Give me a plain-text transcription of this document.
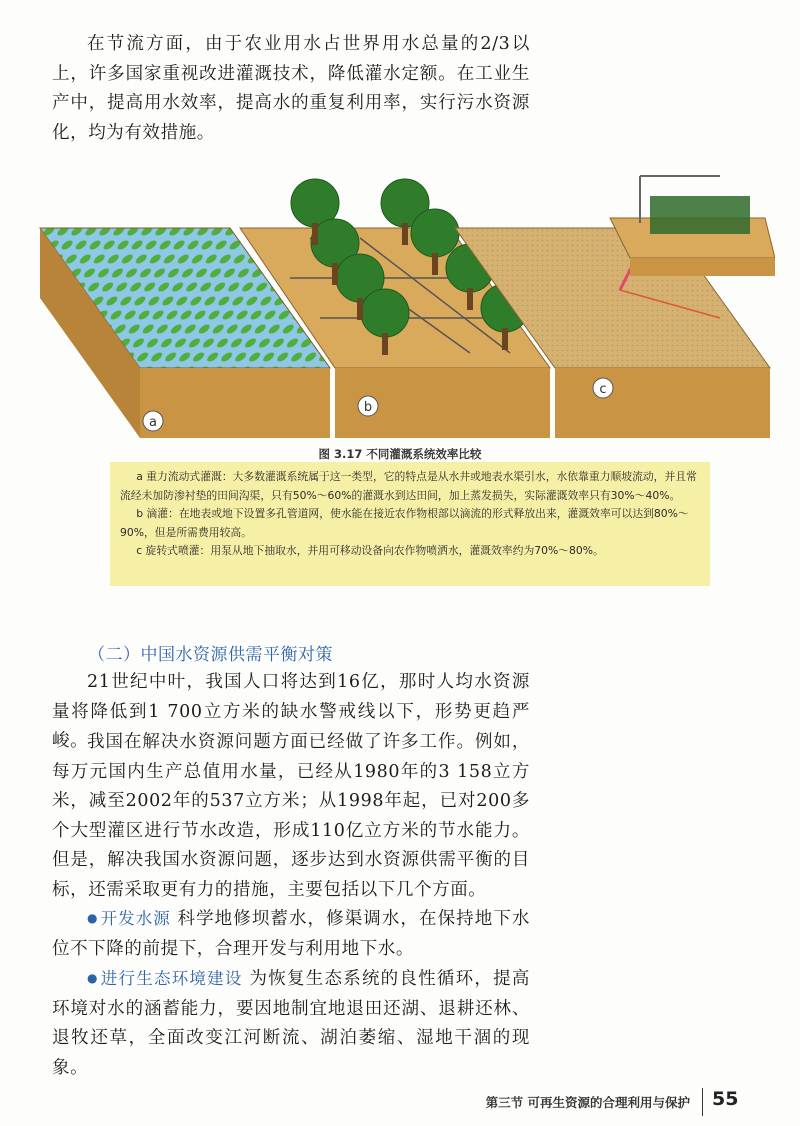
在节流方面，由于农业用水占世界用水总量的2/3以上，许多国家重视改进灌溉技术，降低灌水定额。在工业生产中，提高用水效率，提高水的重复利用率，实行污水资源化，均为有效措施。

a
b
c
图 3.17 不同灌溉系统效率比较

a 重力流动式灌溉：大多数灌溉系统属于这一类型，它的特点是从水井或地表水渠引水，水依靠重力顺坡流动，并且常流经未加防渗衬垫的田间沟渠，只有50%～60%的灌溉水到达田间，加上蒸发损失，实际灌溉效率只有30%～40%。

b 滴灌：在地表或地下设置多孔管道网，使水能在接近农作物根部以滴流的形式释放出来，灌溉效率可以达到80%～90%，但是所需费用较高。

c 旋转式喷灌：用泵从地下抽取水，并用可移动设备向农作物喷洒水，灌溉效率约为70%～80%。

（二）中国水资源供需平衡对策

21世纪中叶，我国人口将达到16亿，那时人均水资源量将降低到1 700立方米的缺水警戒线以下，形势更趋严峻。

我国在解决水资源问题方面已经做了许多工作。例如，每万元国内生产总值用水量，已经从1980年的3 158立方米，减至2002年的537立方米；从1998年起，已对200多个大型灌区进行节水改造，形成110亿立方米的节水能力。但是，解决我国水资源问题，逐步达到水资源供需平衡的目标，还需采取更有力的措施，主要包括以下几个方面。

● 开发水源 科学地修坝蓄水，修渠调水，在保持地下水位不下降的前提下，合理开发与利用地下水。

● 进行生态环境建设 为恢复生态系统的良性循环，提高环境对水的涵蓄能力，要因地制宜地退田还湖、退耕还林、退牧还草，全面改变江河断流、湖泊萎缩、湿地干涸的现象。

第三节 可再生资源的合理利用与保护 55
